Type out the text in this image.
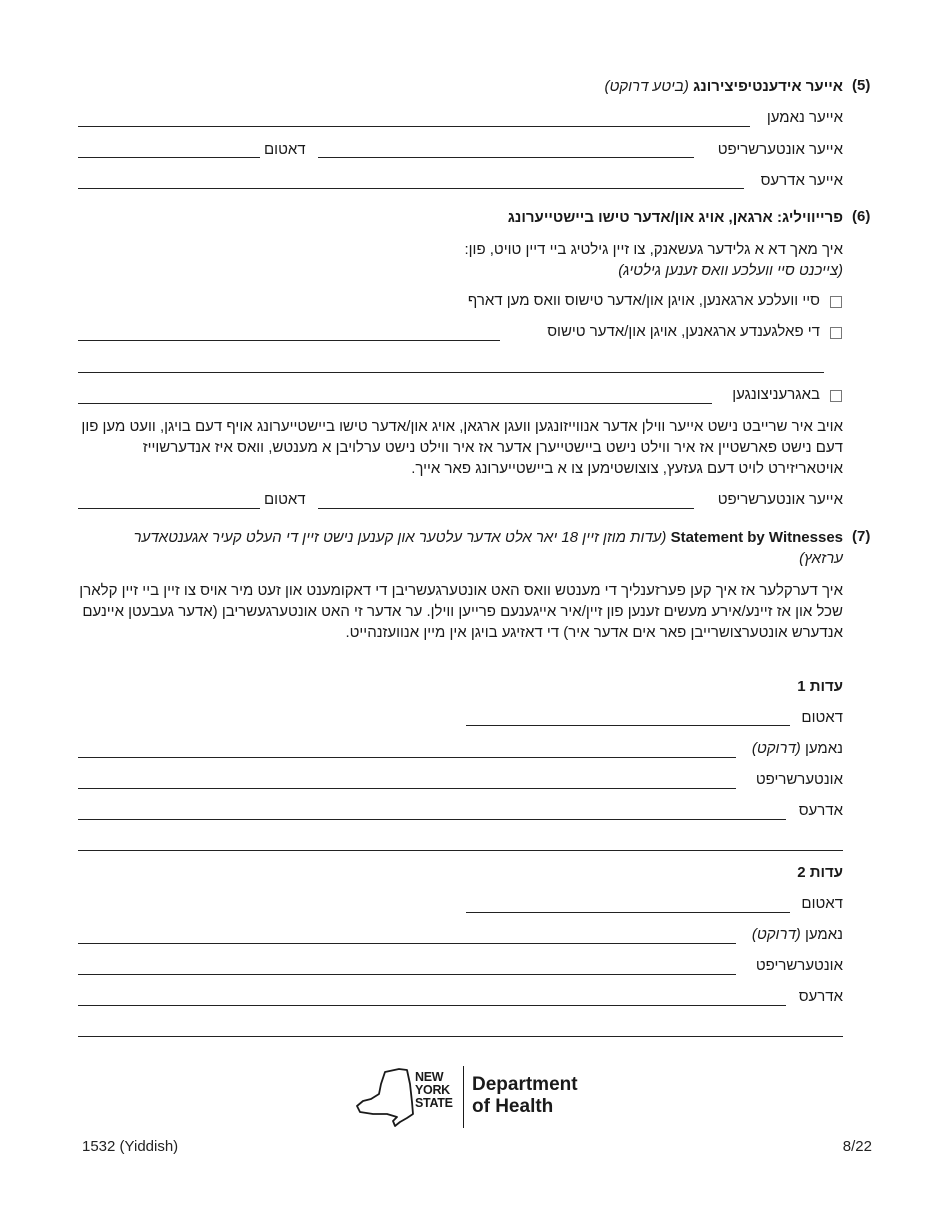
(5)
אייער אידענטיפיצירונג (ביטע דרוקט)
אייער נאמען
אייער אונטערשריפט
דאטום
אייער אדרעס
(6)
פרייוויליג: ארגאן, אויג און/אדער טישו ביישטייערונג
איך מאך דא א גלידער געשאנק, צו זיין גילטיג ביי דיין טויט, פון:
(צייכנט סיי וועלכע וואס זענען גילטיג)
סיי וועלכע ארגאנען, אויגן און/אדער טישוס וואס מען דארף
די פאלגענדע ארגאנען, אויגן און/אדער טישוס
באגרעניצונגען
אויב איר שרייבט נישט אייער ווילן אדער אנווייזונגען וועגן ארגאן, אויג און/אדער טישו ביישטייערונג אויף דעם בויגן, וועט מען פון דעם נישט פארשטיין אז איר ווילט נישט ביישטייערן אדער אז איר ווילט נישט ערלויבן א מענטש, וואס איז אנדערשוייז אויטאריזירט לויט דעם געזעץ, צוצושטימען צו א ביישטייערונג פאר אייך.
אייער אונטערשריפט
דאטום
(7)
Statement by Witnesses (עדות מוזן זיין 18 יאר אלט אדער עלטער און קענען נישט זיין די העלט קעיר אגענטאדער ערזאץ)
איך דערקלער אז איך קען פערזענליך די מענטש וואס האט אונטערגעשריבן די דאקומענט און זעט מיר אויס צו זיין ביי זיין קלארן שכל און אז זיינע/אירע מעשים זענען פון זיין/איר אייגענעם פרייען ווילן. ער אדער זי האט אונטערגעשריבן (אדער געבעטן איינעם אנדערש אונטערצושרייבן פאר אים אדער איר) די דאזיגע בויגן אין מיין אנוועזנהייט.
עדות 1
דאטום
נאמען (דרוקט)
אונטערשריפט
אדרעס
עדות 2
דאטום
נאמען (דרוקט)
אונטערשריפט
אדרעס
NEW
YORK
STATE
Department
of Health
1532 (Yiddish)	8/22
